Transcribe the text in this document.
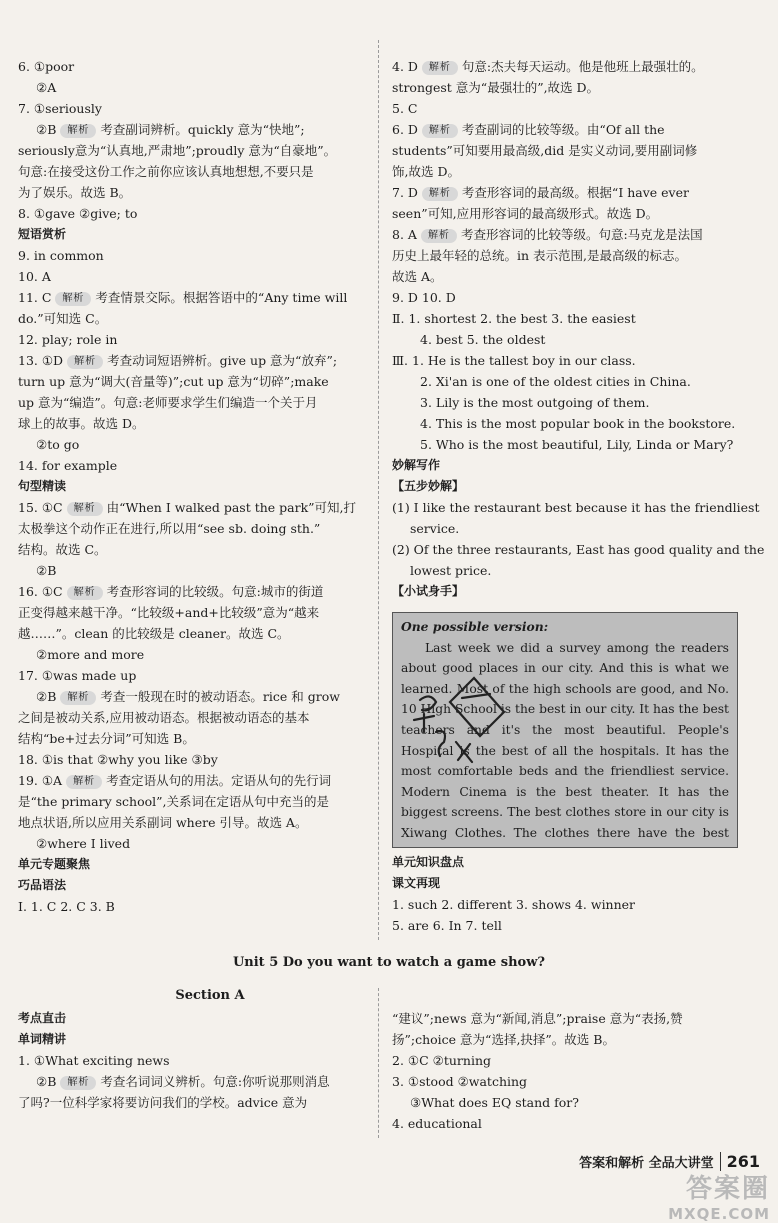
6. ①poor
②A
7. ①seriously
②B 解析 考查副词辨析。quickly 意为“快地”;
seriously意为“认真地,严肃地”;proudly 意为“自豪地”。
句意:在接受这份工作之前你应该认真地想想,不要只是
为了娱乐。故选 B。
8. ①gave ②give; to
短语赏析
9. in common
10. A
11. C 解析 考查情景交际。根据答语中的“Any time will
do.”可知选 C。
12. play; role in
13. ①D 解析 考查动词短语辨析。give up 意为“放弃”;
turn up 意为“调大(音量等)”;cut up 意为“切碎”;make
up 意为“编造”。句意:老师要求学生们编造一个关于月
球上的故事。故选 D。
②to go
14. for example
句型精读
15. ①C 解析 由“When I walked past the park”可知,打
太极拳这个动作正在进行,所以用“see sb. doing sth.”
结构。故选 C。
②B
16. ①C 解析 考查形容词的比较级。句意:城市的街道
正变得越来越干净。“比较级+and+比较级”意为“越来
越……”。clean 的比较级是 cleaner。故选 C。
②more and more
17. ①was made up
②B 解析 考查一般现在时的被动语态。rice 和 grow
之间是被动关系,应用被动语态。根据被动语态的基本
结构“be+过去分词”可知选 B。
18. ①is that ②why you like ③by
19. ①A 解析 考查定语从句的用法。定语从句的先行词
是“the primary school”,关系词在定语从句中充当的是
地点状语,所以应用关系副词 where 引导。故选 A。
②where I lived
单元专题聚焦
巧品语法
Ⅰ. 1. C 2. C 3. B
4. D 解析 句意:杰夫每天运动。他是他班上最强壮的。
strongest 意为“最强壮的”,故选 D。
5. C
6. D 解析 考查副词的比较等级。由“Of all the
students”可知要用最高级,did 是实义动词,要用副词修
饰,故选 D。
7. D 解析 考查形容词的最高级。根据“I have ever
seen”可知,应用形容词的最高级形式。故选 D。
8. A 解析 考查形容词的比较等级。句意:马克龙是法国
历史上最年轻的总统。in 表示范围,是最高级的标志。
故选 A。
9. D 10. D
Ⅱ. 1. shortest 2. the best 3. the easiest
4. best 5. the oldest
Ⅲ. 1. He is the tallest boy in our class.
2. Xi'an is one of the oldest cities in China.
3. Lily is the most outgoing of them.
4. This is the most popular book in the bookstore.
5. Who is the most beautiful, Lily, Linda or Mary?
妙解写作
【五步妙解】
(1) I like the restaurant best because it has the friendliest
service.
(2) Of the three restaurants, East has good quality and the
lowest price.
【小试身手】
One possible version:

Last week we did a survey among the readers about good places in our city. And this is what we learned. Most of the high schools are good, and No. 10 High School is the best in our city. It has the best teachers and it's the most beautiful. People's Hospital is the best of all the hospitals. It has the most comfortable beds and the friendliest service. Modern Cinema is the best theater. It has the biggest screens. The best clothes store in our city is Xiwang Clothes. The clothes there have the best

单元知识盘点
课文再现
1. such 2. different 3. shows 4. winner
5. are 6. In 7. tell
Unit 5 Do you want to watch a game show?
Section A
考点直击
单词精讲
1. ①What exciting news
②B 解析 考查名词词义辨析。句意:你听说那则消息
了吗?一位科学家将要访问我们的学校。advice 意为
“建议”;news 意为“新闻,消息”;praise 意为“表扬,赞
扬”;choice 意为“选择,抉择”。故选 B。
2. ①C ②turning
3. ①stood ②watching
③What does EQ stand for?
4. educational
答案和解析 全品大讲堂 261
答案圈
MXQE.COM
